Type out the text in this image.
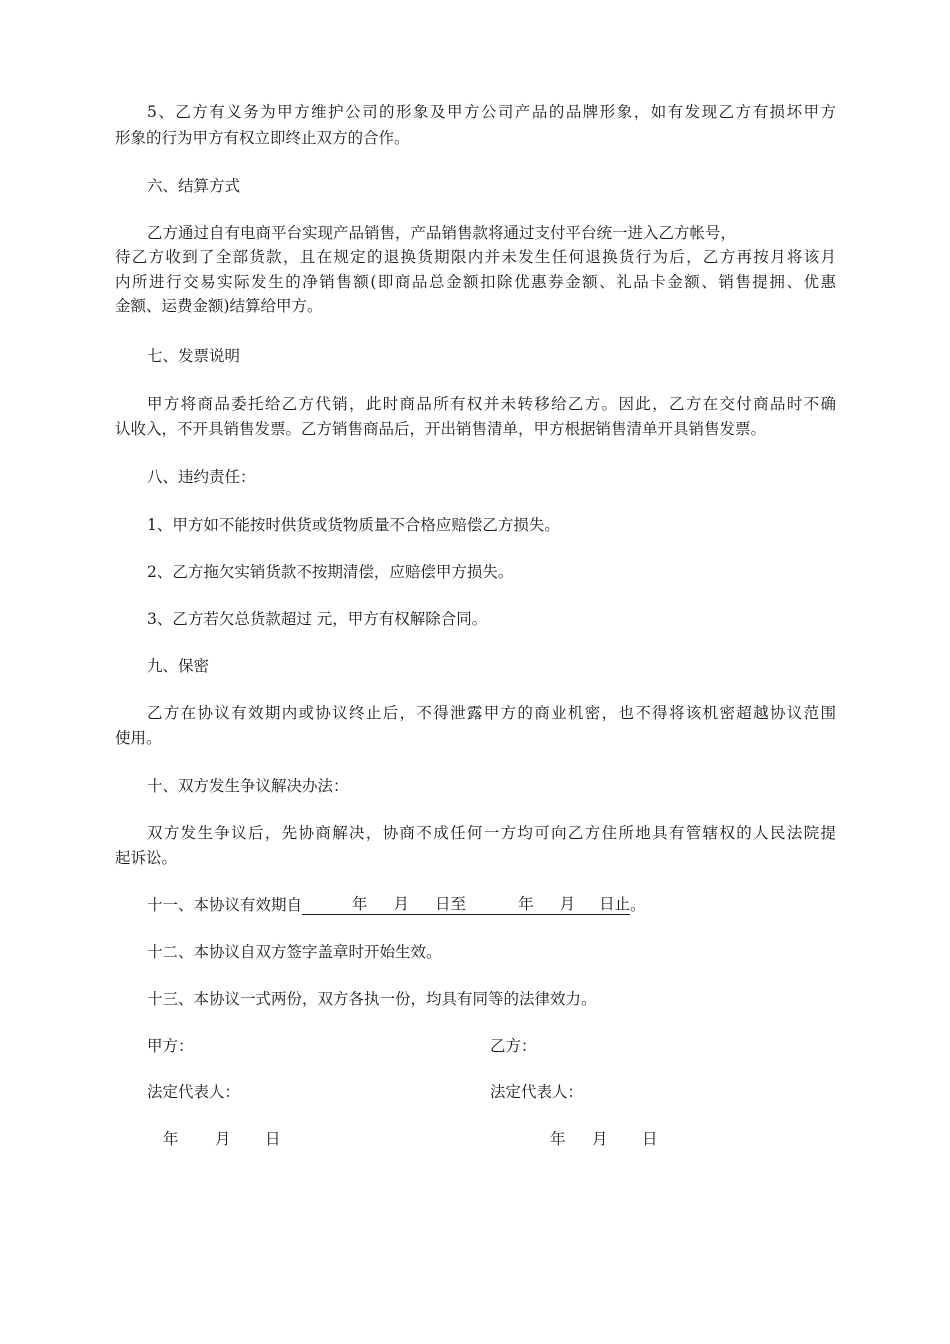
5、乙方有义务为甲方维护公司的形象及甲方公司产品的品牌形象，如有发现乙方有损坏甲方
形象的行为甲方有权立即终止双方的合作。
六、结算方式
乙方通过自有电商平台实现产品销售，产品销售款将通过支付平台统一进入乙方帐号，
待乙方收到了全部货款，且在规定的退换货期限内并未发生任何退换货行为后，乙方再按月将该月
内所进行交易实际发生的净销售额(即商品总金额扣除优惠券金额、礼品卡金额、销售提拥、优惠
金额、运费金额)结算给甲方。
七、发票说明
甲方将商品委托给乙方代销，此时商品所有权并未转移给乙方。因此，乙方在交付商品时不确
认收入，不开具销售发票。乙方销售商品后，开出销售清单，甲方根据销售清单开具销售发票。
八、违约责任：
1、甲方如不能按时供货或货物质量不合格应赔偿乙方损失。
2、乙方拖欠实销货款不按期清偿，应赔偿甲方损失。
3、乙方若欠总货款超过 元，甲方有权解除合同。
九、保密
乙方在协议有效期内或协议终止后，不得泄露甲方的商业机密，也不得将该机密超越协议范围
使用。
十、双方发生争议解决办法：
双方发生争议后，先协商解决，协商不成任何一方均可向乙方住所地具有管辖权的人民法院提
起诉讼。
十一、本协议有效期自	年 月 日至	年 月 日止。
十二、本协议自双方签字盖章时开始生效。
十三、本协议一式两份，双方各执一份，均具有同等的法律效力。
甲方：	乙方：
法定代表人：	法定代表人：
年 月 日	年 月 日
